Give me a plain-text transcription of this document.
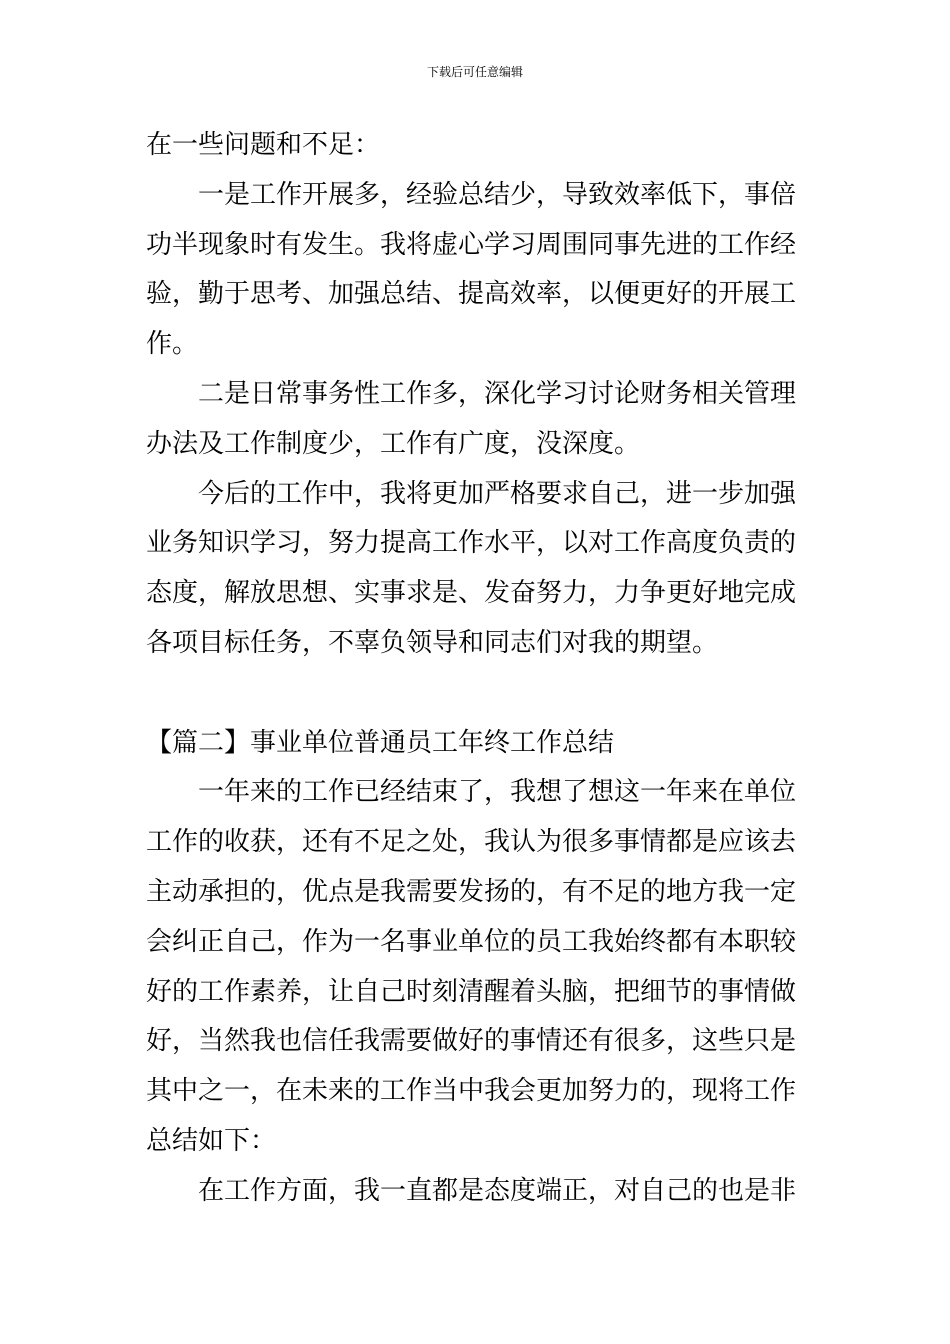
下载后可任意编辑
在一些问题和不足：
　　一是工作开展多，经验总结少，导致效率低下，事倍
功半现象时有发生。我将虚心学习周围同事先进的工作经
验，勤于思考、加强总结、提高效率，以便更好的开展工
作。
　　二是日常事务性工作多，深化学习讨论财务相关管理
办法及工作制度少，工作有广度，没深度。
　　今后的工作中，我将更加严格要求自己，进一步加强
业务知识学习，努力提高工作水平，以对工作高度负责的
态度，解放思想、实事求是、发奋努力，力争更好地完成
各项目标任务，不辜负领导和同志们对我的期望。
【篇二】事业单位普通员工年终工作总结
　　一年来的工作已经结束了，我想了想这一年来在单位
工作的收获，还有不足之处，我认为很多事情都是应该去
主动承担的，优点是我需要发扬的，有不足的地方我一定
会纠正自己，作为一名事业单位的员工我始终都有本职较
好的工作素养，让自己时刻清醒着头脑，把细节的事情做
好，当然我也信任我需要做好的事情还有很多，这些只是
其中之一，在未来的工作当中我会更加努力的，现将工作
总结如下：
　　在工作方面，我一直都是态度端正，对自己的也是非
